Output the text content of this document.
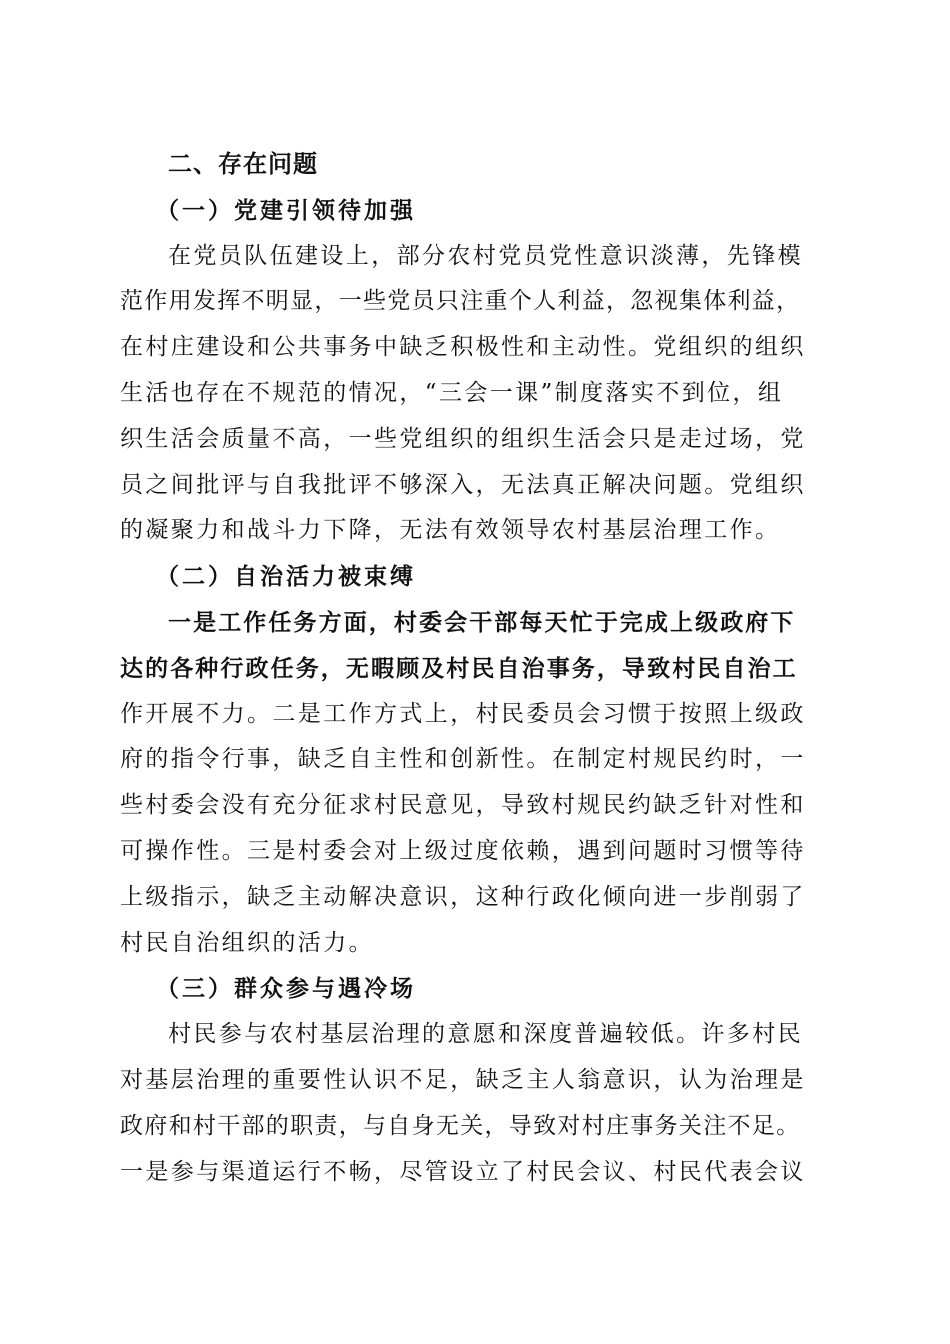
二、存在问题
（一）党建引领待加强
在党员队伍建设上，部分农村党员党性意识淡薄，先锋模
范作用发挥不明显，一些党员只注重个人利益，忽视集体利益，
在村庄建设和公共事务中缺乏积极性和主动性。党组织的组织
生活也存在不规范的情况，“三会一课”制度落实不到位，组
织生活会质量不高，一些党组织的组织生活会只是走过场，党
员之间批评与自我批评不够深入，无法真正解决问题。党组织
的凝聚力和战斗力下降，无法有效领导农村基层治理工作。
（二）自治活力被束缚
一是工作任务方面，村委会干部每天忙于完成上级政府下
达的各种行政任务，无暇顾及村民自治事务，导致村民自治工
作开展不力。二是工作方式上，村民委员会习惯于按照上级政
府的指令行事，缺乏自主性和创新性。在制定村规民约时，一
些村委会没有充分征求村民意见，导致村规民约缺乏针对性和
可操作性。三是村委会对上级过度依赖，遇到问题时习惯等待
上级指示，缺乏主动解决意识，这种行政化倾向进一步削弱了
村民自治组织的活力。
（三）群众参与遇冷场
村民参与农村基层治理的意愿和深度普遍较低。许多村民
对基层治理的重要性认识不足，缺乏主人翁意识，认为治理是
政府和村干部的职责，与自身无关，导致对村庄事务关注不足。
一是参与渠道运行不畅，尽管设立了村民会议、村民代表会议
